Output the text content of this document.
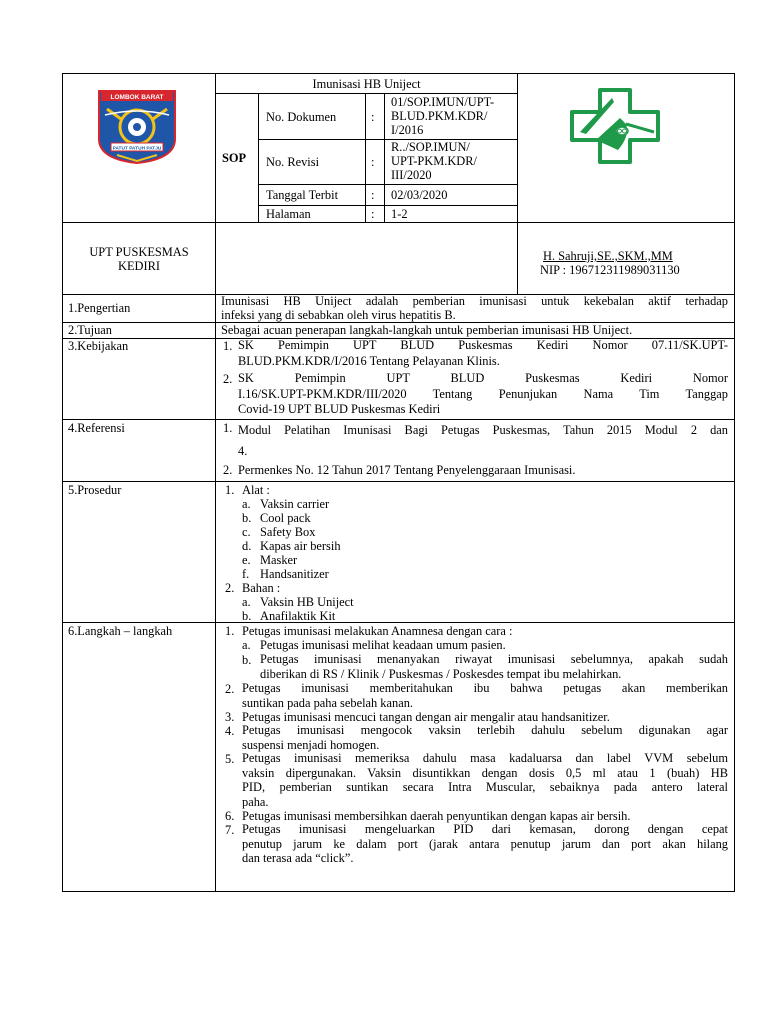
LOMBOK BARAT
PATUT PATUH PATJU
Imunisasi HB Uniject
SOP
No. Dokumen	:
01/SOP.IMUN/UPT-
BLUD.PKM.KDR/
I/2016
No. Revisi	:
R../SOP.IMUN/
UPT-PKM.KDR/
III/2020
Tanggal Terbit	: 02/03/2020
Halaman	: 1-2
UPT PUSKESMAS
KEDIRI
H. Sahruji,SE.,SKM.,MM
NIP : 196712311989031130
1.Pengertian	Imunisasi HB Uniject adalah pemberian imunisasi untuk kekebalan aktif terhadap
infeksi yang di sebabkan oleh virus hepatitis B.
2.Tujuan	Sebagai acuan penerapan langkah-langkah untuk pemberian imunisasi HB Uniject.
3.Kebijakan	1. SK Pemimpin UPT BLUD Puskesmas Kediri Nomor 07.11/SK.UPT-
BLUD.PKM.KDR/I/2016 Tentang Pelayanan Klinis.
2. SK Pemimpin UPT BLUD Puskesmas Kediri Nomor
I.16/SK.UPT-PKM.KDR/III/2020 Tentang Penunjukan Nama Tim Tanggap
Covid-19 UPT BLUD Puskesmas Kediri
4.Referensi	1. Modul Pelatihan Imunisasi Bagi Petugas Puskesmas, Tahun 2015 Modul 2 dan
4.
2. Permenkes No. 12 Tahun 2017 Tentang Penyelenggaraan Imunisasi.
5.Prosedur	1. Alat :
a. Vaksin carrier
b. Cool pack
c. Safety Box
d. Kapas air bersih
e. Masker
f. Handsanitizer
2. Bahan :
a. Vaksin HB Uniject
b. Anafilaktik Kit
6.Langkah – langkah	1. Petugas imunisasi melakukan Anamnesa dengan cara :
a. Petugas imunisasi melihat keadaan umum pasien.
b. Petugas imunisasi menanyakan riwayat imunisasi sebelumnya, apakah sudah
diberikan di RS / Klinik / Puskesmas / Poskesdes tempat ibu melahirkan.
2. Petugas imunisasi memberitahukan ibu bahwa petugas akan memberikan
suntikan pada paha sebelah kanan.
3. Petugas imunisasi mencuci tangan dengan air mengalir atau handsanitizer.
4. Petugas imunisasi mengocok vaksin terlebih dahulu sebelum digunakan agar
suspensi menjadi homogen.
5. Petugas imunisasi memeriksa dahulu masa kadaluarsa dan label VVM sebelum
vaksin dipergunakan. Vaksin disuntikkan dengan dosis 0,5 ml atau 1 (buah) HB
PID, pemberian suntikan secara Intra Muscular, sebaiknya pada antero lateral
paha.
6. Petugas imunisasi membersihkan daerah penyuntikan dengan kapas air bersih.
7. Petugas imunisasi mengeluarkan PID dari kemasan, dorong dengan cepat
penutup jarum ke dalam port (jarak antara penutup jarum dan port akan hilang
dan terasa ada “click”.
